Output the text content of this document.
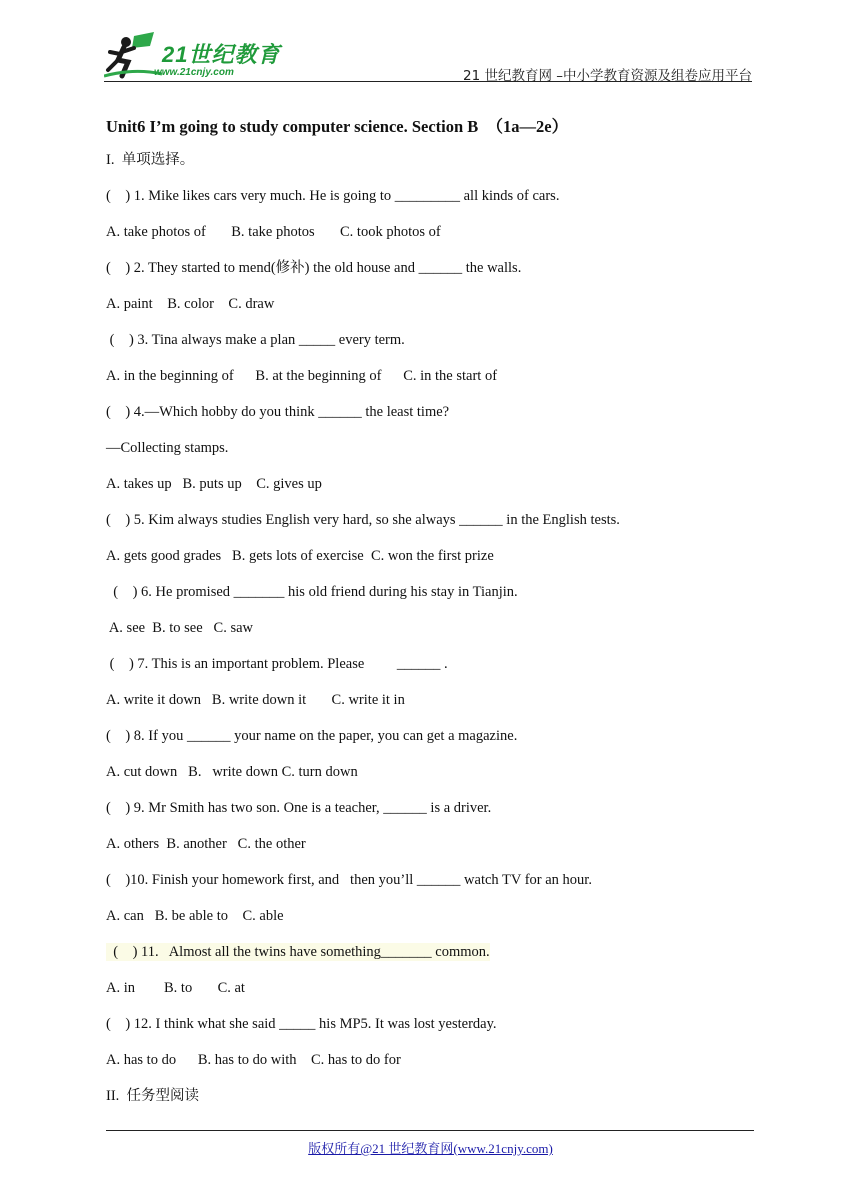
21世纪教育
www.21cnjy.com	21 世纪教育网 –中小学教育资源及组卷应用平台
Unit6 I’m going to study computer science. Section B  （1a—2e）
I.  单项选择。
(    ) 1. Mike likes cars very much. He is going to _________ all kinds of cars.
A. take photos of       B. take photos       C. took photos of
(    ) 2. They started to mend(修补) the old house and ______ the walls.
A. paint    B. color    C. draw
(    ) 3. Tina always make a plan _____ every term.
A. in the beginning of      B. at the beginning of      C. in the start of
(    ) 4.—Which hobby do you think ______ the least time?
—Collecting stamps.
A. takes up   B. puts up    C. gives up
(    ) 5. Kim always studies English very hard, so she always ______ in the English tests.
A. gets good grades   B. gets lots of exercise  C. won the first prize
(    ) 6. He promised _______ his old friend during his stay in Tianjin.
A. see  B. to see   C. saw
(    ) 7. This is an important problem. Please         ______ .
A. write it down   B. write down it       C. write it in
(    ) 8. If you ______ your name on the paper, you can get a magazine.
A. cut down   B.   write down C. turn down
(    ) 9. Mr Smith has two son. One is a teacher, ______ is a driver.
A. others  B. another   C. the other
(    )10. Finish your homework first, and   then you’ll ______ watch TV for an hour.
A. can   B. be able to    C. able
(    ) 11.   Almost all the twins have something_______ common.
A. in        B. to       C. at
(    ) 12. I think what she said _____ his MP5. It was lost yesterday.
A. has to do      B. has to do with    C. has to do for
II.  任务型阅读
版权所有@21 世纪教育网(www.21cnjy.com)
